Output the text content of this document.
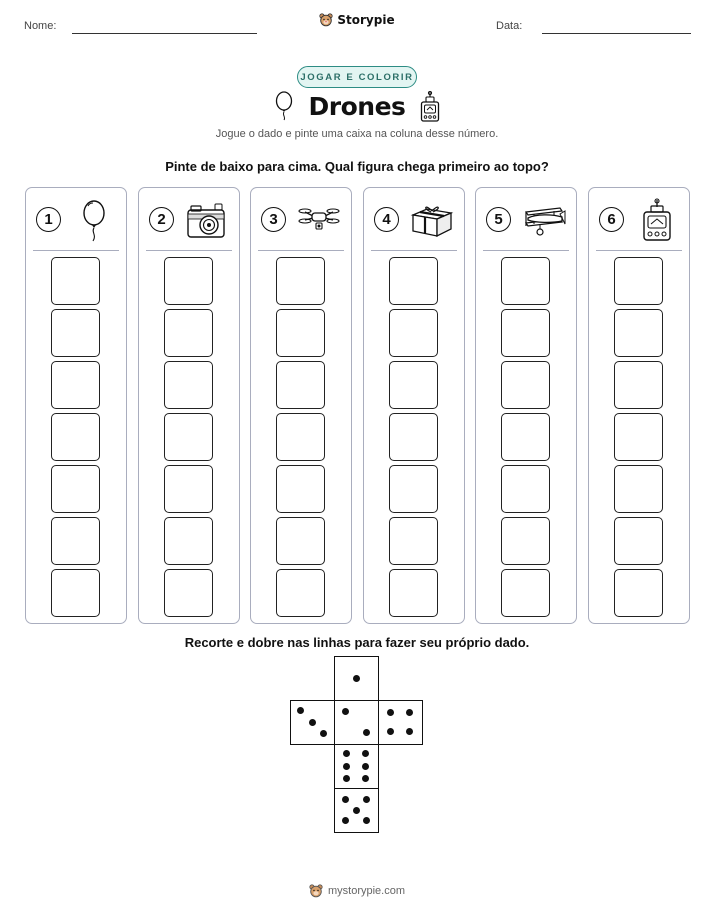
Nome:	Data:
Storypie
JOGAR E COLORIR
Drones
Jogue o dado e pinte uma caixa na coluna desse número.
Pinte de baixo para cima. Qual figura chega primeiro ao topo?
1	2	3	4	5	6
Recorte e dobre nas linhas para fazer seu próprio dado.
mystorypie.com
